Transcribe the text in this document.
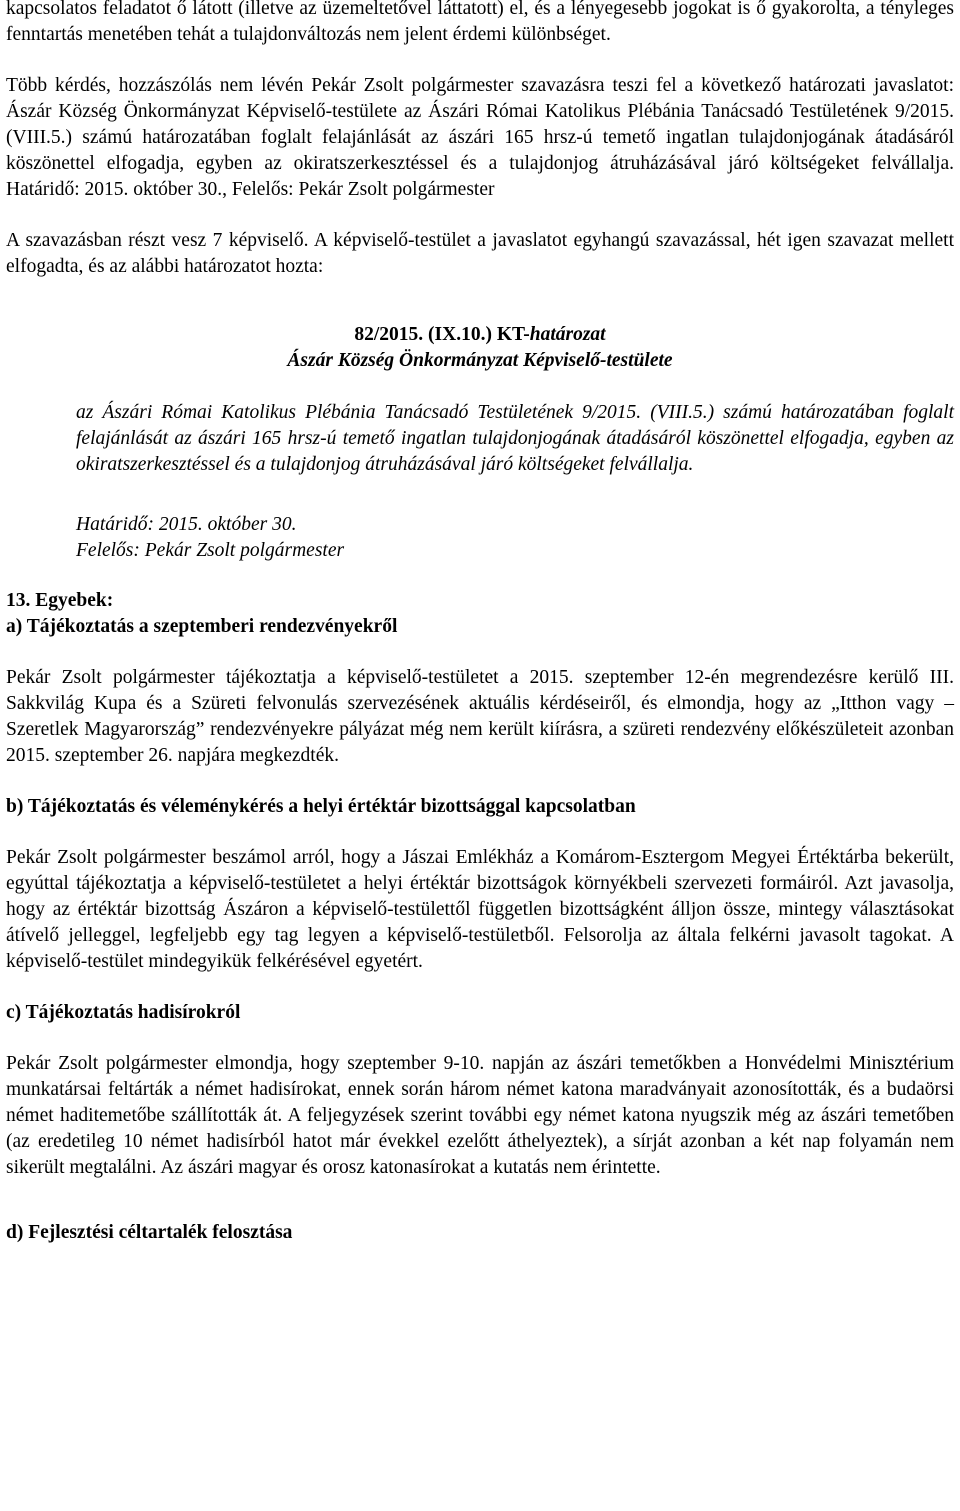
kapcsolatos feladatot ő látott (illetve az üzemeltetővel láttatott) el, és a lényegesebb jogokat is ő gyakorolta, a tényleges fenntartás menetében tehát a tulajdonváltozás nem jelent érdemi különbséget.

Több kérdés, hozzászólás nem lévén Pekár Zsolt polgármester szavazásra teszi fel a következő határozati javaslatot: Ászár Község Önkormányzat Képviselő-testülete az Ászári Római Katolikus Plébánia Tanácsadó Testületének 9/2015. (VIII.5.) számú határozatában foglalt felajánlását az ászári 165 hrsz-ú temető ingatlan tulajdonjogának átadásáról köszönettel elfogadja, egyben az okiratszerkesztéssel és a tulajdonjog átruházásával járó költségeket felvállalja. Határidő: 2015. október 30., Felelős: Pekár Zsolt polgármester

A szavazásban részt vesz 7 képviselő. A képviselő-testület a javaslatot egyhangú szavazással, hét igen szavazat mellett elfogadta, és az alábbi határozatot hozta:

82/2015. (IX.10.) KT-határozat

Ászár Község Önkormányzat Képviselő-testülete

az Ászári Római Katolikus Plébánia Tanácsadó Testületének 9/2015. (VIII.5.) számú határozatában foglalt felajánlását az ászári 165 hrsz-ú temető ingatlan tulajdonjogának átadásáról köszönettel elfogadja, egyben az okiratszerkesztéssel és a tulajdonjog átruházásával járó költségeket felvállalja.

Határidő: 2015. október 30.

Felelős: Pekár Zsolt polgármester

13. Egyebek:

a) Tájékoztatás a szeptemberi rendezvényekről

Pekár Zsolt polgármester tájékoztatja a képviselő-testületet a 2015. szeptember 12-én megrendezésre kerülő III. Sakkvilág Kupa és a Szüreti felvonulás szervezésének aktuális kérdéseiről, és elmondja, hogy az „Itthon vagy – Szeretlek Magyarország” rendezvényekre pályázat még nem került kiírásra, a szüreti rendezvény előkészületeit azonban 2015. szeptember 26. napjára megkezdték.

b) Tájékoztatás és véleménykérés a helyi értéktár bizottsággal kapcsolatban

Pekár Zsolt polgármester beszámol arról, hogy a Jászai Emlékház a Komárom-Esztergom Megyei Értéktárba bekerült, egyúttal tájékoztatja a képviselő-testületet a helyi értéktár bizottságok környékbeli szervezeti formáiról. Azt javasolja, hogy az értéktár bizottság Ászáron a képviselő-testülettől független bizottságként álljon össze, mintegy választásokat átívelő jelleggel, legfeljebb egy tag legyen a képviselő-testületből. Felsorolja az általa felkérni javasolt tagokat. A képviselő-testület mindegyikük felkérésével egyetért.

c) Tájékoztatás hadisírokról

Pekár Zsolt polgármester elmondja, hogy szeptember 9-10. napján az ászári temetőkben a Honvédelmi Minisztérium munkatársai feltárták a német hadisírokat, ennek során három német katona maradványait azonosították, és a budaörsi német haditemetőbe szállították át. A feljegyzések szerint további egy német katona nyugszik még az ászári temetőben (az eredetileg 10 német hadisírból hatot már évekkel ezelőtt áthelyeztek), a sírját azonban a két nap folyamán nem sikerült megtalálni. Az ászári magyar és orosz katonasírokat a kutatás nem érintette.

d) Fejlesztési céltartalék felosztása
